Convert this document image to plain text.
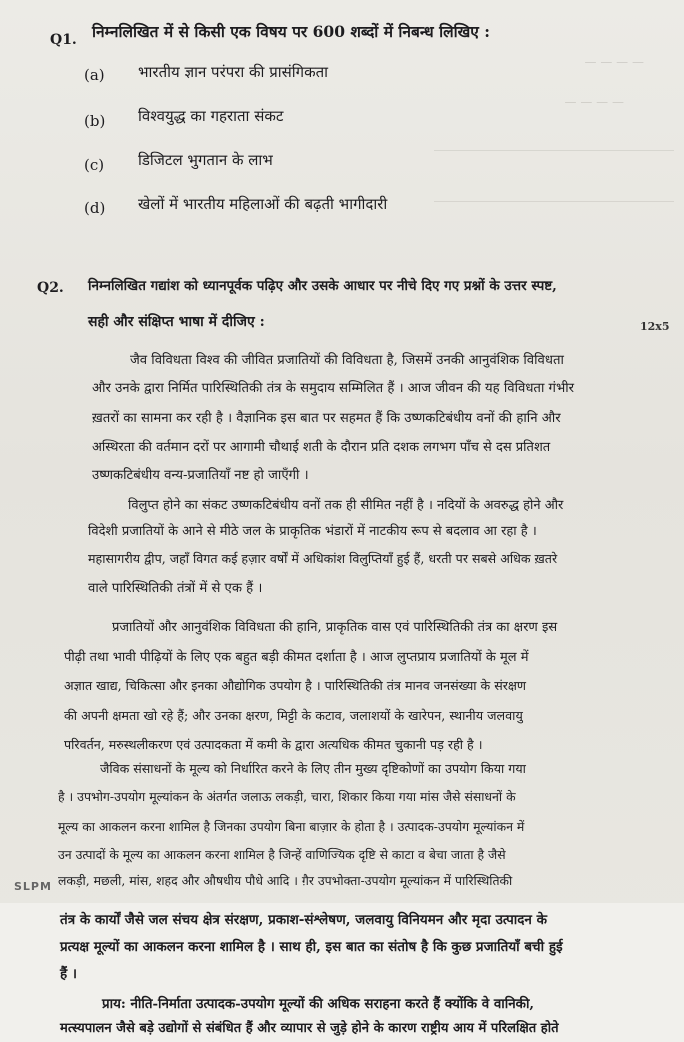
— — — —
— — — —
Q1. निम्नलिखित में से किसी एक विषय पर 600 शब्दों में निबन्ध लिखिए :
(a) भारतीय ज्ञान परंपरा की प्रासंगिकता
(b) विश्वयुद्ध का गहराता संकट
(c) डिजिटल भुगतान के लाभ
(d) खेलों में भारतीय महिलाओं की बढ़ती भागीदारी
Q2. निम्नलिखित गद्यांश को ध्यानपूर्वक पढ़िए और उसके आधार पर नीचे दिए गए प्रश्नों के उत्तर स्पष्ट,
सही और संक्षिप्त भाषा में दीजिए :	12x5
जैव विविधता विश्व की जीवित प्रजातियों की विविधता है, जिसमें उनकी आनुवंशिक विविधता
और उनके द्वारा निर्मित पारिस्थितिकी तंत्र के समुदाय सम्मिलित हैं । आज जीवन की यह विविधता गंभीर
ख़तरों का सामना कर रही है । वैज्ञानिक इस बात पर सहमत हैं कि उष्णकटिबंधीय वनों की हानि और
अस्थिरता की वर्तमान दरों पर आगामी चौथाई शती के दौरान प्रति दशक लगभग पाँच से दस प्रतिशत
उष्णकटिबंधीय वन्य-प्रजातियाँ नष्ट हो जाएँगी ।
विलुप्त होने का संकट उष्णकटिबंधीय वनों तक ही सीमित नहीं है । नदियों के अवरुद्ध होने और
विदेशी प्रजातियों के आने से मीठे जल के प्राकृतिक भंडारों में नाटकीय रूप से बदलाव आ रहा है ।
महासागरीय द्वीप, जहाँ विगत कई हज़ार वर्षों में अधिकांश विलुप्तियाँ हुई हैं, धरती पर सबसे अधिक ख़तरे
वाले पारिस्थितिकी तंत्रों में से एक हैं ।
प्रजातियों और आनुवंशिक विविधता की हानि, प्राकृतिक वास एवं पारिस्थितिकी तंत्र का क्षरण इस
पीढ़ी तथा भावी पीढ़ियों के लिए एक बहुत बड़ी कीमत दर्शाता है । आज लुप्तप्राय प्रजातियों के मूल में
अज्ञात खाद्य, चिकित्सा और इनका औद्योगिक उपयोग है । पारिस्थितिकी तंत्र मानव जनसंख्या के संरक्षण
की अपनी क्षमता खो रहे हैं; और उनका क्षरण, मिट्टी के कटाव, जलाशयों के खारेपन, स्थानीय जलवायु
परिवर्तन, मरुस्थलीकरण एवं उत्पादकता में कमी के द्वारा अत्यधिक कीमत चुकानी पड़ रही है ।
जैविक संसाधनों के मूल्य को निर्धारित करने के लिए तीन मुख्य दृष्टिकोणों का उपयोग किया गया
है । उपभोग-उपयोग मूल्यांकन के अंतर्गत जलाऊ लकड़ी, चारा, शिकार किया गया मांस जैसे संसाधनों के
मूल्य का आकलन करना शामिल है जिनका उपयोग बिना बाज़ार के होता है । उत्पादक-उपयोग मूल्यांकन में
उन उत्पादों के मूल्य का आकलन करना शामिल है जिन्हें वाणिज्यिक दृष्टि से काटा व बेचा जाता है जैसे
लकड़ी, मछली, मांस, शहद और औषधीय पौधे आदि । ग़ैर उपभोक्ता-उपयोग मूल्यांकन में पारिस्थितिकी
तंत्र के कार्यों जैसे जल संचय क्षेत्र संरक्षण, प्रकाश-संश्लेषण, जलवायु विनियमन और मृदा उत्पादन के
प्रत्यक्ष मूल्यों का आकलन करना शामिल है । साथ ही, इस बात का संतोष है कि कुछ प्रजातियाँ बची हुई
हैं ।
प्राय: नीति-निर्माता उत्पादक-उपयोग मूल्यों की अधिक सराहना करते हैं क्योंकि वे वानिकी,
मत्स्यपालन जैसे बड़े उद्योगों से संबंधित हैं और व्यापार से जुड़े होने के कारण राष्ट्रीय आय में परिलक्षित होते
SLPM
